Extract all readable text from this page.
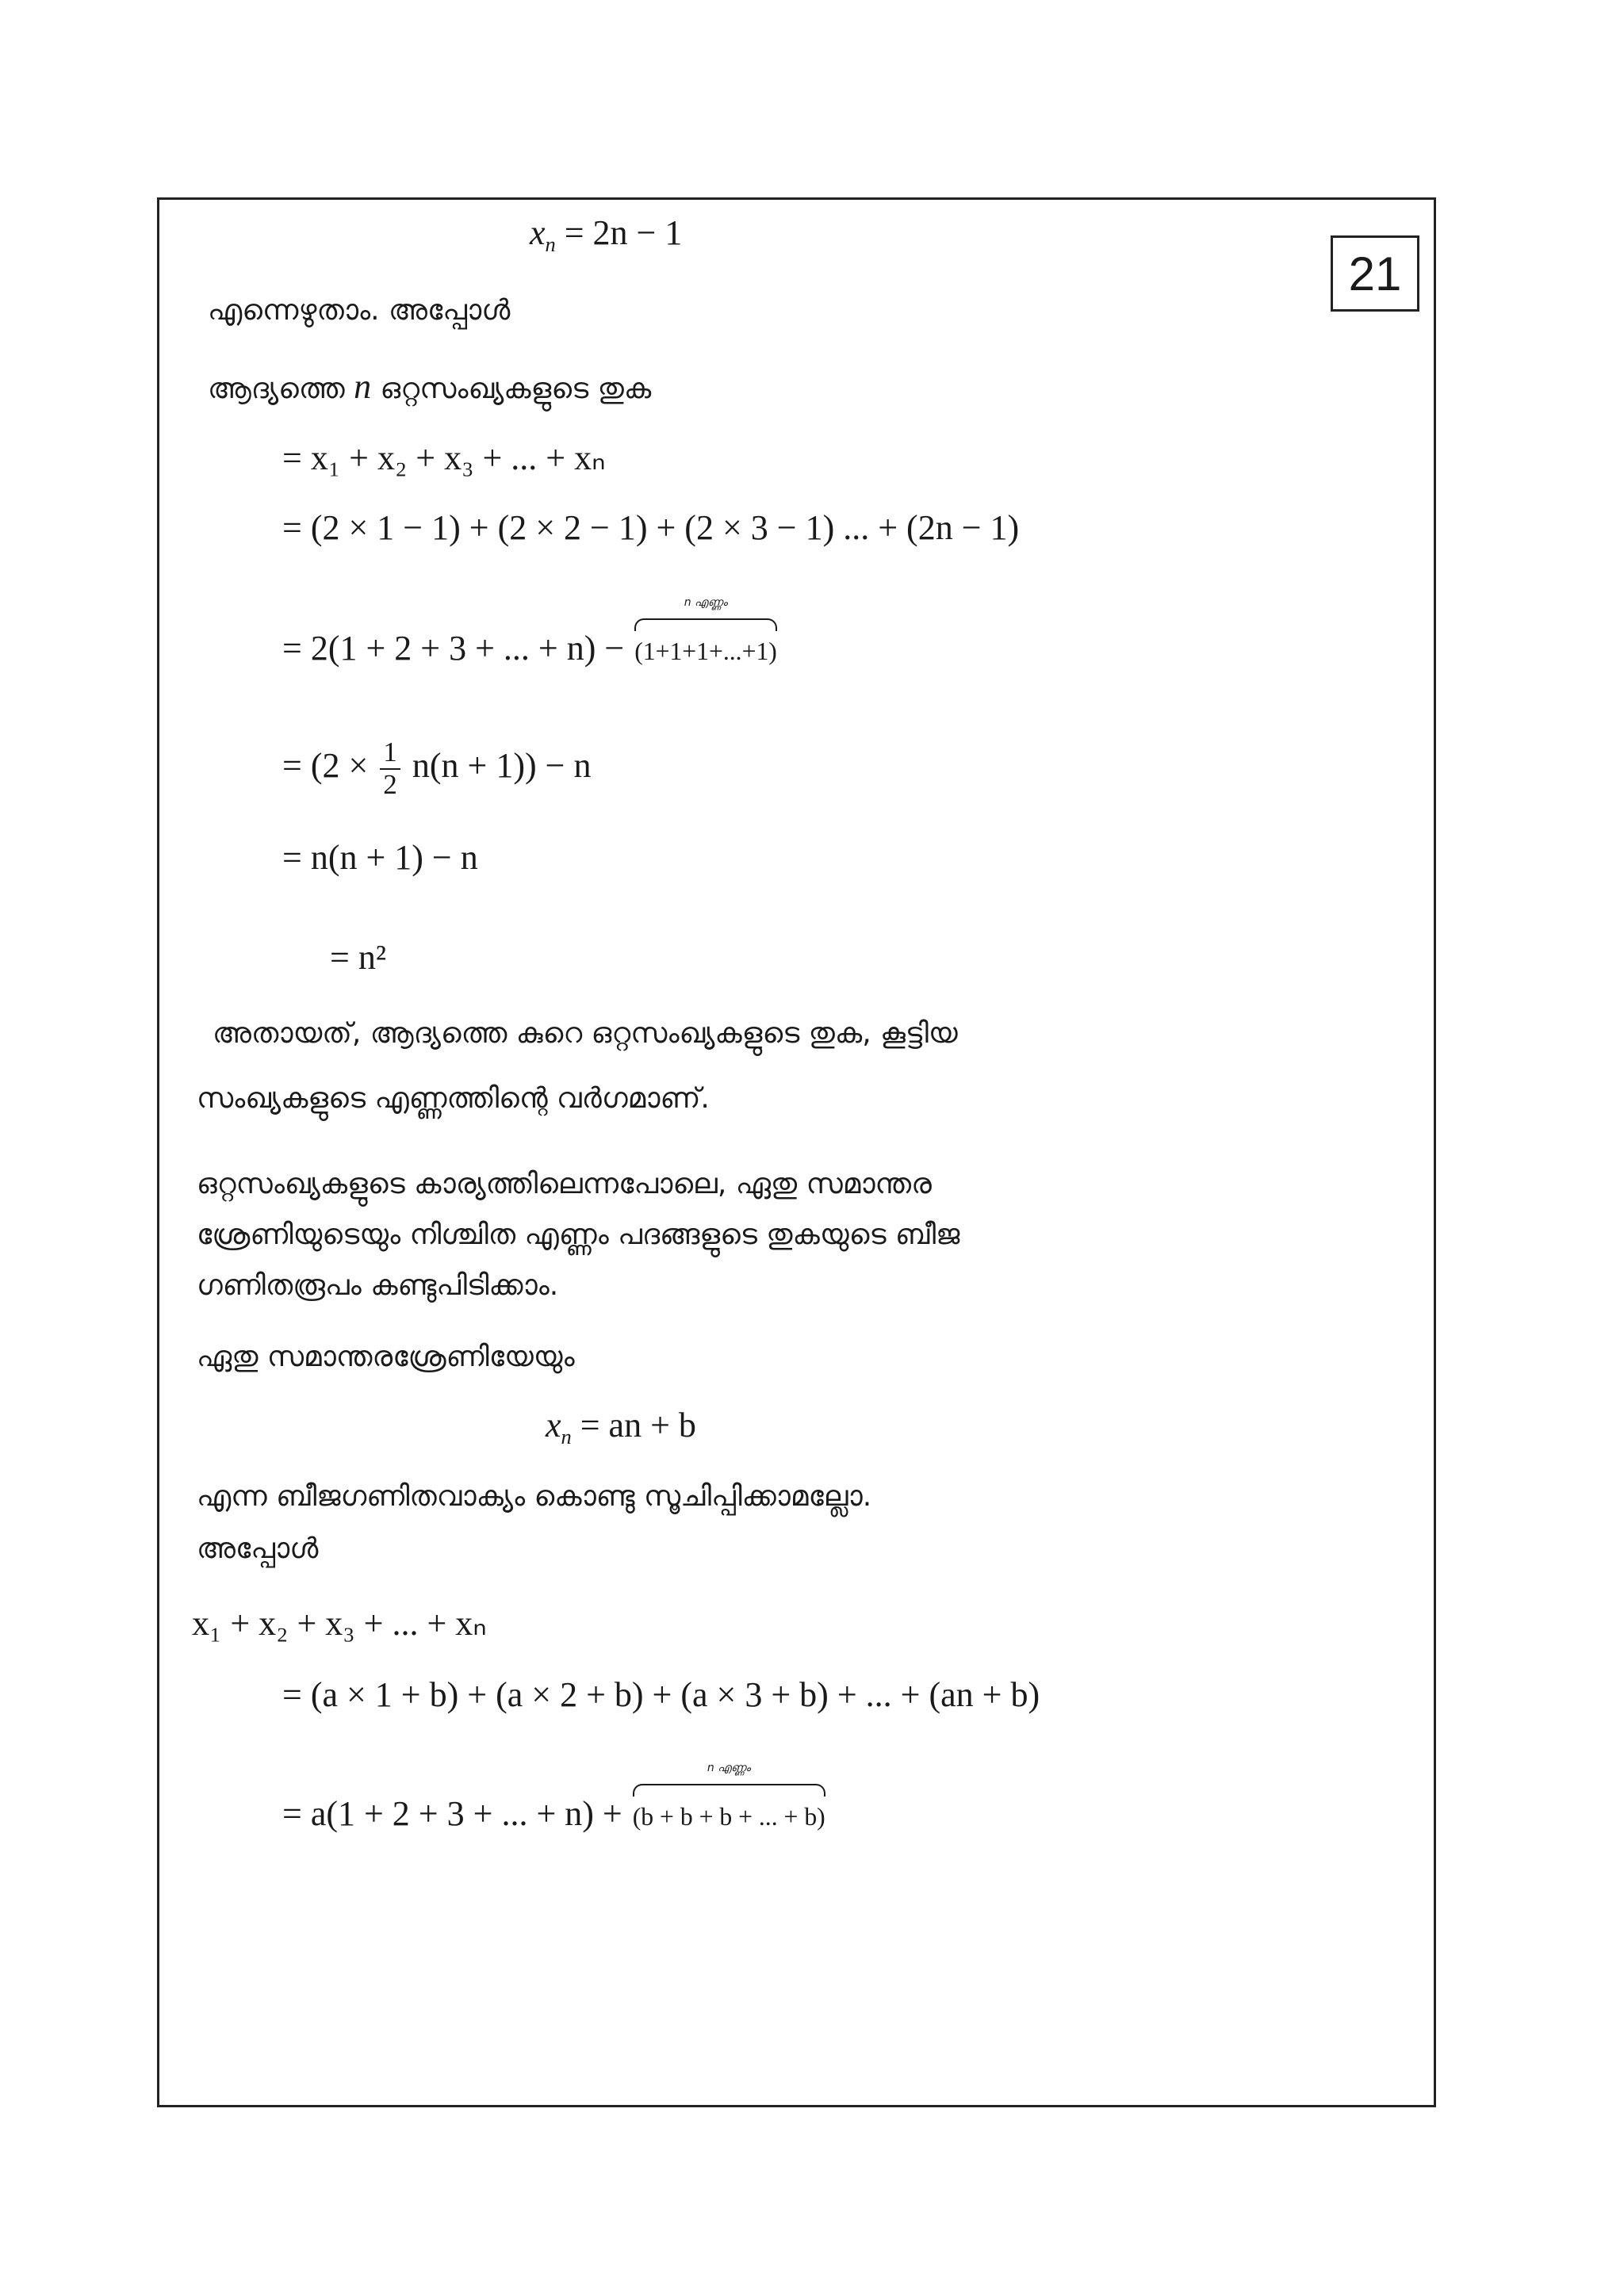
21
$x_n = 2n - 1$
എന്നെഴുതാം. അപ്പോൾ
ആദ്യത്തെ n ഒറ്റസംഖ്യകളുടെ തുക
= x₁ + x₂ + x₃ + ... + xₙ
= (2 × 1 − 1) + (2 × 2 − 1) + (2 × 3 − 1) ... + (2n − 1)
= 2(1 + 2 + 3 + ... + n) −
n എണ്ണം
(1+1+1+...+1)
= $(2 \times \frac{1}{2} n(n + 1)) - n$
= n(n + 1) − n
= n²
അതായത്, ആദ്യത്തെ കുറെ ഒറ്റസംഖ്യകളുടെ തുക, കൂട്ടിയ
സംഖ്യകളുടെ എണ്ണത്തിന്റെ വർഗമാണ്.
ഒറ്റസംഖ്യകളുടെ കാര്യത്തിലെന്നപോലെ, ഏതു സമാന്തര
ശ്രേണിയുടെയും നിശ്ചിത എണ്ണം പദങ്ങളുടെ തുകയുടെ ബീജ
ഗണിതരൂപം കണ്ടുപിടിക്കാം.
ഏതു സമാന്തരശ്രേണിയേയും
$x_n$ = an + b
എന്ന ബീജഗണിതവാക്യം കൊണ്ടു സൂചിപ്പിക്കാമല്ലോ.
അപ്പോൾ
x₁ + x₂ + x₃ + ... + xₙ
= (a × 1 + b) + (a × 2 + b) + (a × 3 + b) + ... + (an + b)
= a(1 + 2 + 3 + ... + n) +
n എണ്ണം
(b + b + b + ... + b)
